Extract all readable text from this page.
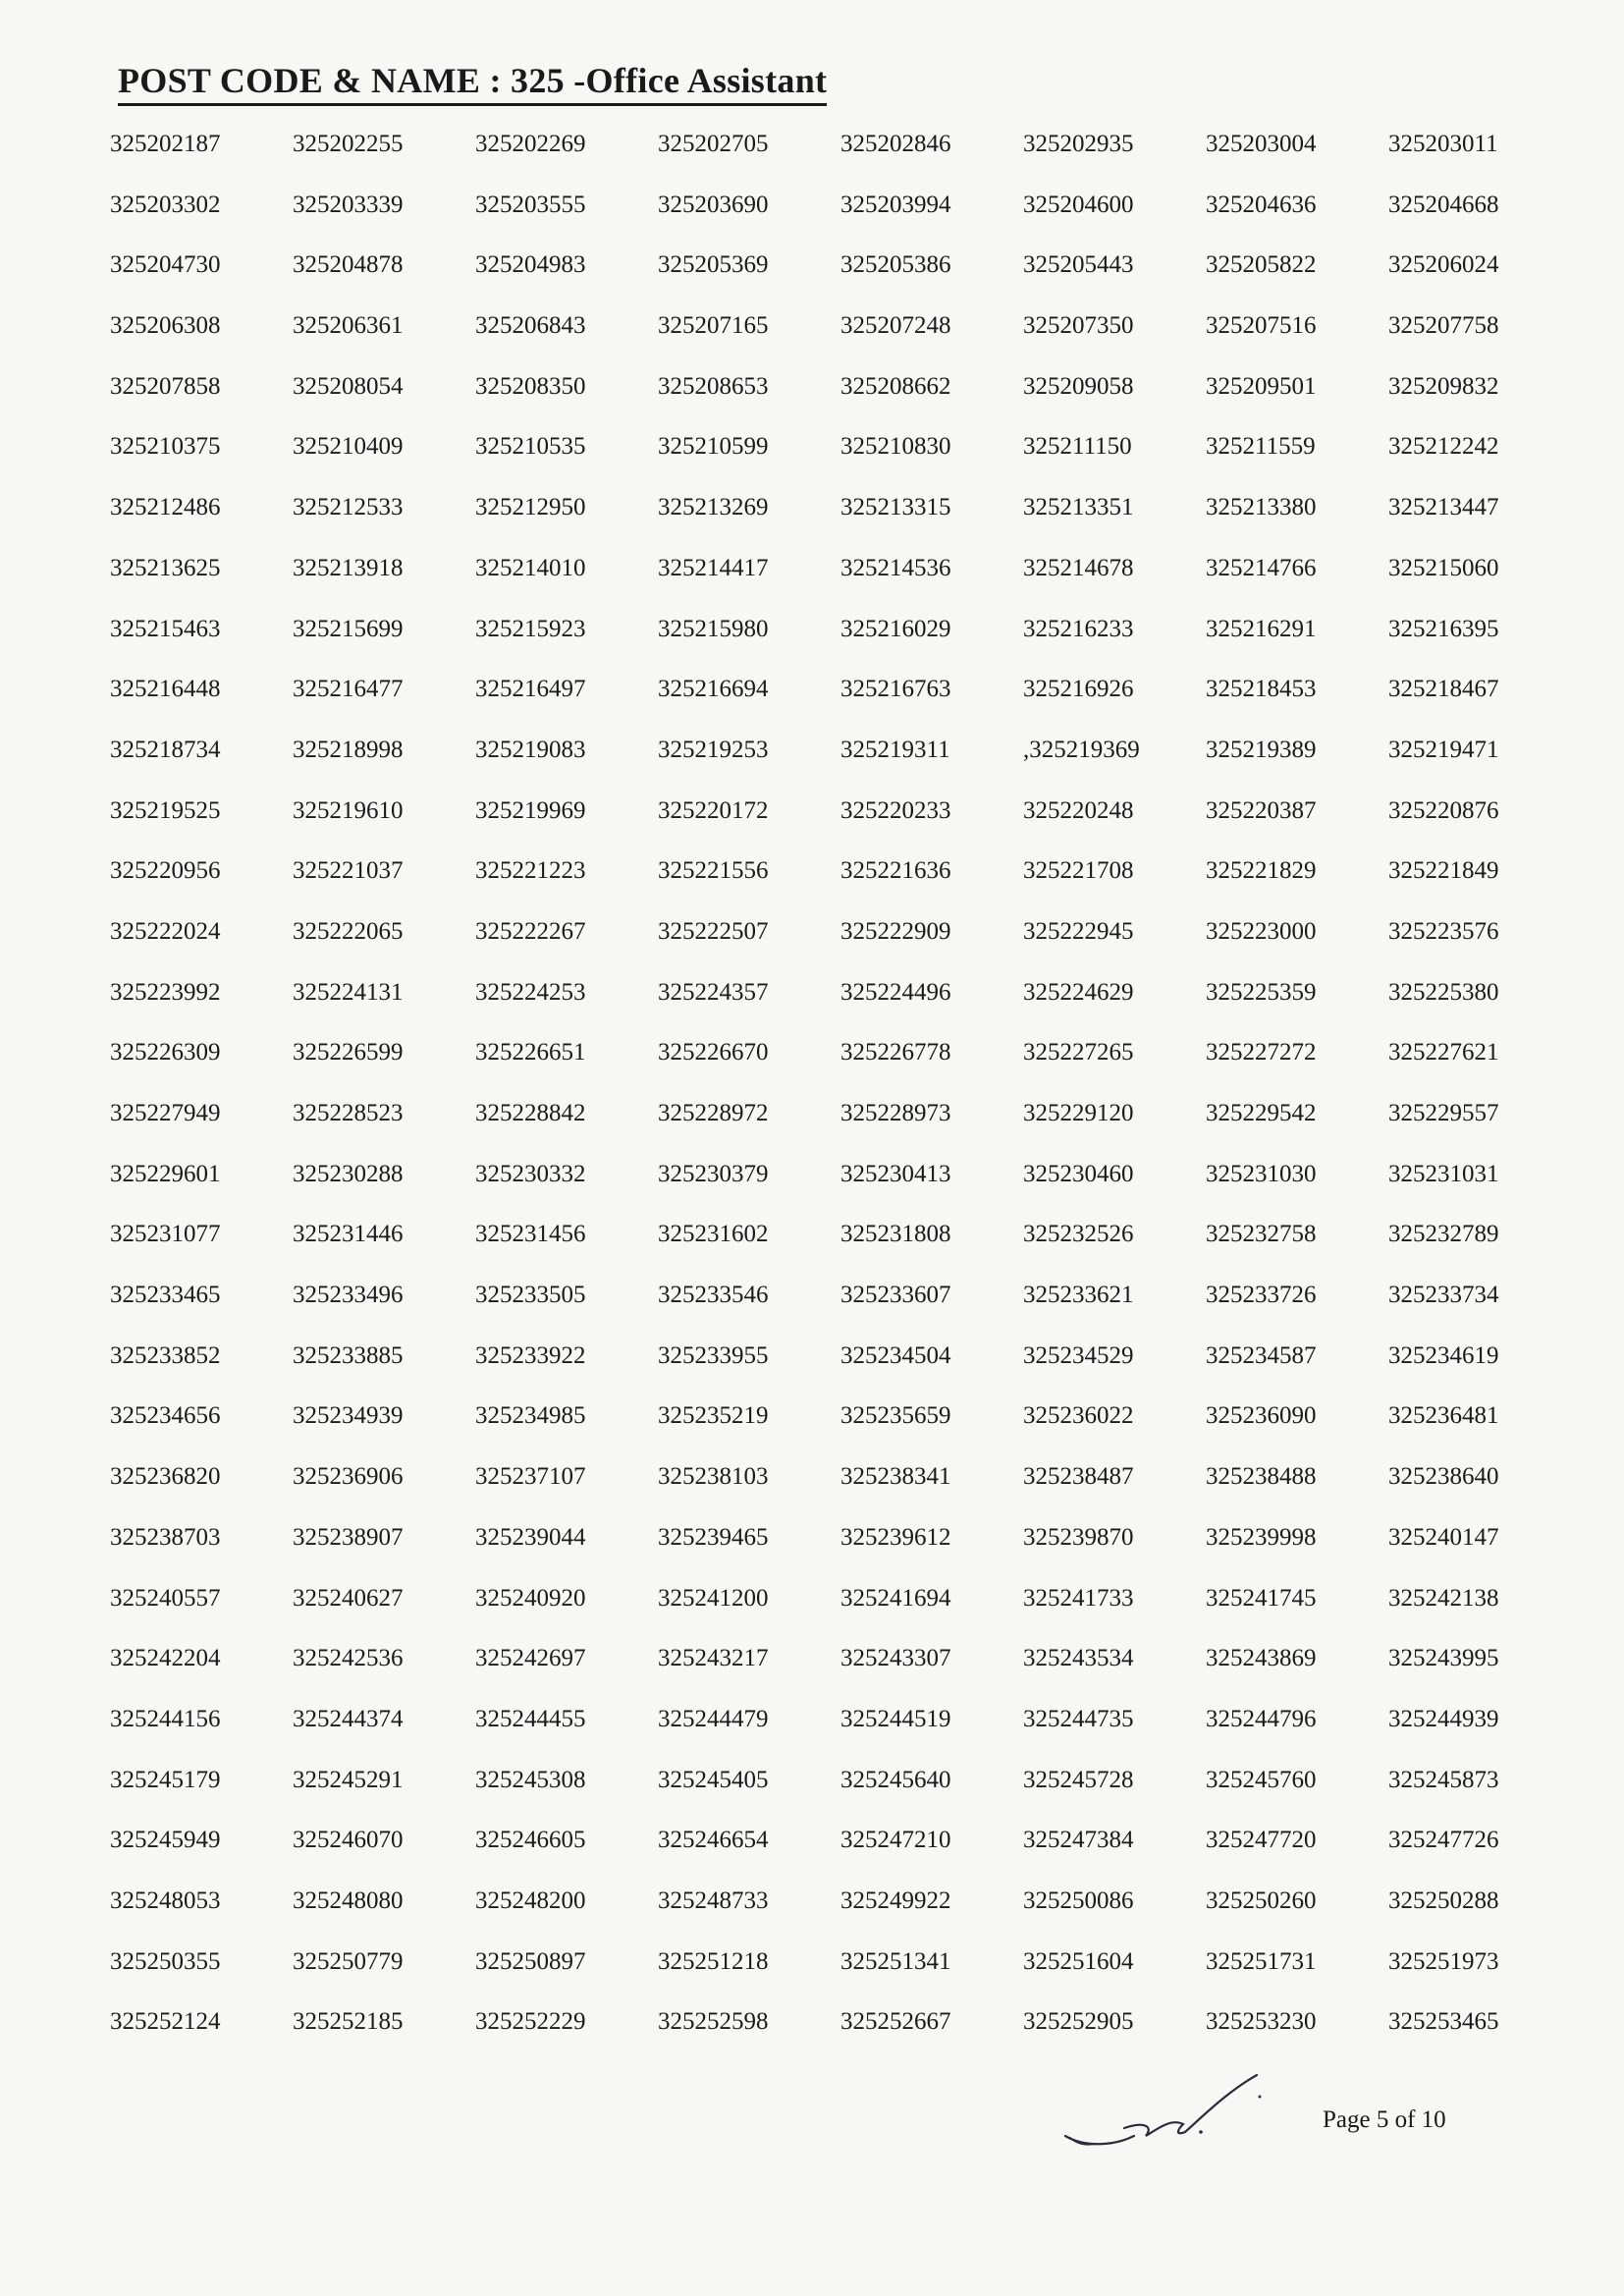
POST CODE & NAME : 325 -Office Assistant
325202187	325202255	325202269	325202705	325202846	325202935	325203004	325203011
325203302	325203339	325203555	325203690	325203994	325204600	325204636	325204668
325204730	325204878	325204983	325205369	325205386	325205443	325205822	325206024
325206308	325206361	325206843	325207165	325207248	325207350	325207516	325207758
325207858	325208054	325208350	325208653	325208662	325209058	325209501	325209832
325210375	325210409	325210535	325210599	325210830	325211150	325211559	325212242
325212486	325212533	325212950	325213269	325213315	325213351	325213380	325213447
325213625	325213918	325214010	325214417	325214536	325214678	325214766	325215060
325215463	325215699	325215923	325215980	325216029	325216233	325216291	325216395
325216448	325216477	325216497	325216694	325216763	325216926	325218453	325218467
325218734	325218998	325219083	325219253	325219311	,325219369	325219389	325219471
325219525	325219610	325219969	325220172	325220233	325220248	325220387	325220876
325220956	325221037	325221223	325221556	325221636	325221708	325221829	325221849
325222024	325222065	325222267	325222507	325222909	325222945	325223000	325223576
325223992	325224131	325224253	325224357	325224496	325224629	325225359	325225380
325226309	325226599	325226651	325226670	325226778	325227265	325227272	325227621
325227949	325228523	325228842	325228972	325228973	325229120	325229542	325229557
325229601	325230288	325230332	325230379	325230413	325230460	325231030	325231031
325231077	325231446	325231456	325231602	325231808	325232526	325232758	325232789
325233465	325233496	325233505	325233546	325233607	325233621	325233726	325233734
325233852	325233885	325233922	325233955	325234504	325234529	325234587	325234619
325234656	325234939	325234985	325235219	325235659	325236022	325236090	325236481
325236820	325236906	325237107	325238103	325238341	325238487	325238488	325238640
325238703	325238907	325239044	325239465	325239612	325239870	325239998	325240147
325240557	325240627	325240920	325241200	325241694	325241733	325241745	325242138
325242204	325242536	325242697	325243217	325243307	325243534	325243869	325243995
325244156	325244374	325244455	325244479	325244519	325244735	325244796	325244939
325245179	325245291	325245308	325245405	325245640	325245728	325245760	325245873
325245949	325246070	325246605	325246654	325247210	325247384	325247720	325247726
325248053	325248080	325248200	325248733	325249922	325250086	325250260	325250288
325250355	325250779	325250897	325251218	325251341	325251604	325251731	325251973
325252124	325252185	325252229	325252598	325252667	325252905	325253230	325253465
Page 5 of 10
